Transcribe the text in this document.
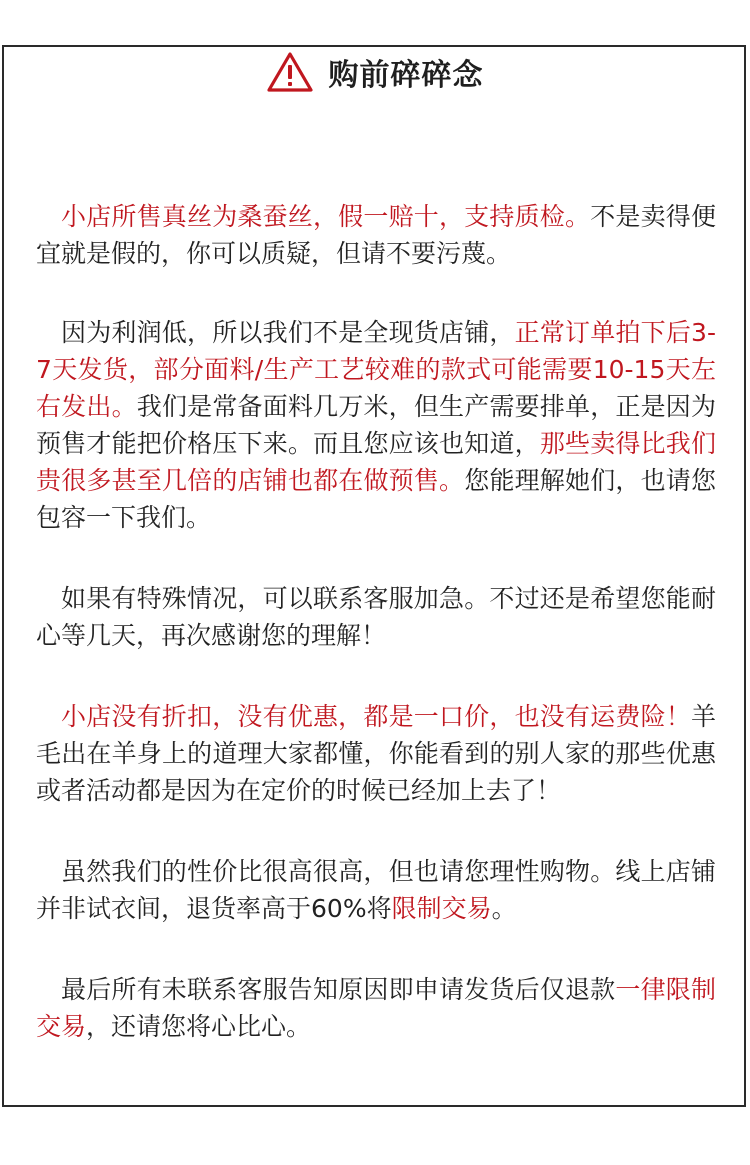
购前碎碎念

小店所售真丝为桑蚕丝，假一赔十，支持质检。不是卖得便宜就是假的，你可以质疑，但请不要污蔑。

因为利润低，所以我们不是全现货店铺，正常订单拍下后3-7天发货，部分面料/生产工艺较难的款式可能需要10-15天左右发出。我们是常备面料几万米，但生产需要排单，正是因为预售才能把价格压下来。而且您应该也知道，那些卖得比我们贵很多甚至几倍的店铺也都在做预售。您能理解她们，也请您包容一下我们。

如果有特殊情况，可以联系客服加急。不过还是希望您能耐心等几天，再次感谢您的理解！

小店没有折扣，没有优惠，都是一口价，也没有运费险！羊毛出在羊身上的道理大家都懂，你能看到的别人家的那些优惠或者活动都是因为在定价的时候已经加上去了！

虽然我们的性价比很高很高，但也请您理性购物。线上店铺并非试衣间，退货率高于60%将限制交易。

最后所有未联系客服告知原因即申请发货后仅退款一律限制交易，还请您将心比心。
